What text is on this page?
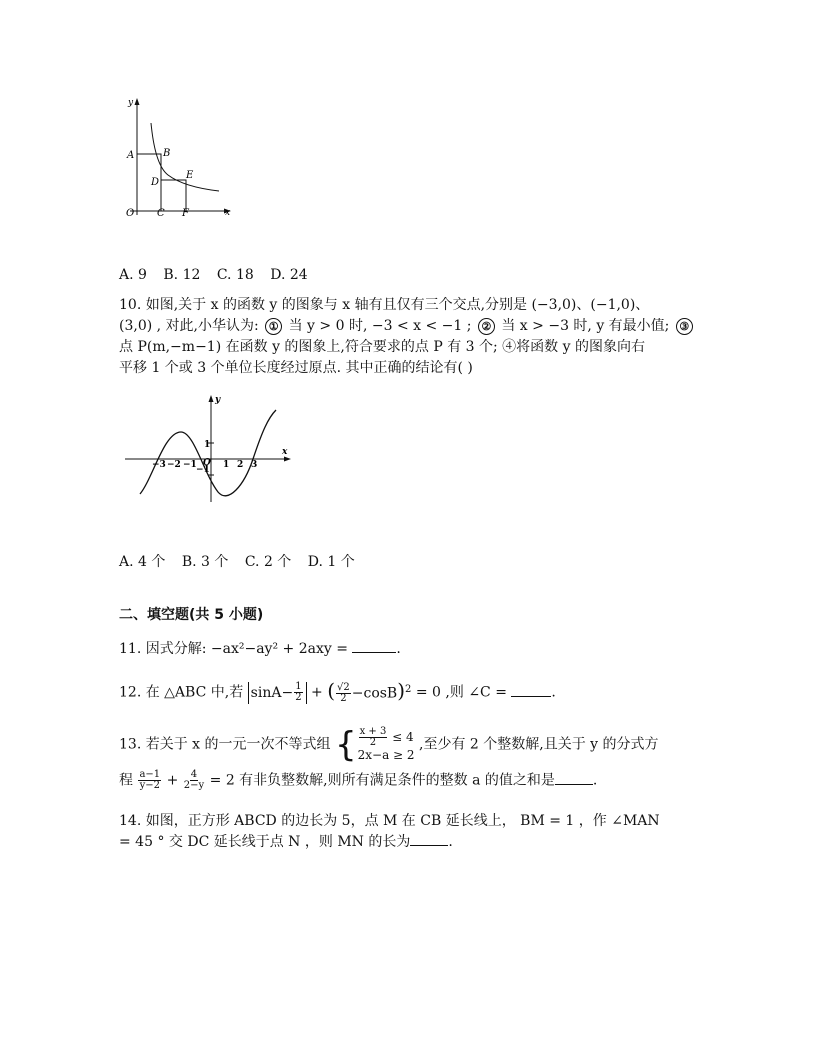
y
A	B
D
E
O C F	x
A. 9 B. 12 C. 18 D. 24
10. 如图,关于 x 的函数 y 的图象与 x 轴有且仅有三个交点,分别是 (−3,0)、(−1,0)、
(3,0) , 对此,小华认为: ① 当 y > 0 时, −3 < x < −1 ; ② 当 x > −3 时, y 有最小值; ③
点 P(m,−m−1) 在函数 y 的图象上,符合要求的点 P 有 3 个; ④将函数 y 的图象向右
平移 1 个或 3 个单位长度经过原点. 其中正确的结论有( )
y
x
1
−1
O
−3 −2 −1	1 2 3
A. 4 个 B. 3 个 C. 2 个 D. 1 个
二、填空题(共 5 小题)
11. 因式分解: −ax²−ay² + 2axy =	.
12. 在 △ABC 中,若 $\sin A- \frac{1}{2}$ + ( $\frac{√2}{2} -\cos B)^2 = 0$ ,则 ∠C =	.
13. 若关于 x 的一元一次不等式组 { $\frac{x + 3}{2} \le 4$
2x−a ≥ 2
,至少有 2 个整数解,且关于 y 的分式方
程 $\frac{a-1}{y-2} + \frac{4}{2-y} = 2$ 有非负整数解,则所有满足条件的整数 a 的值之和是	.
14. 如图，正方形 ABCD 的边长为 5，点 M 在 CB 延长线上， BM = 1 ，作 ∠MAN
= 45 ° 交 DC 延长线于点 N ，则 MN 的长为	.
